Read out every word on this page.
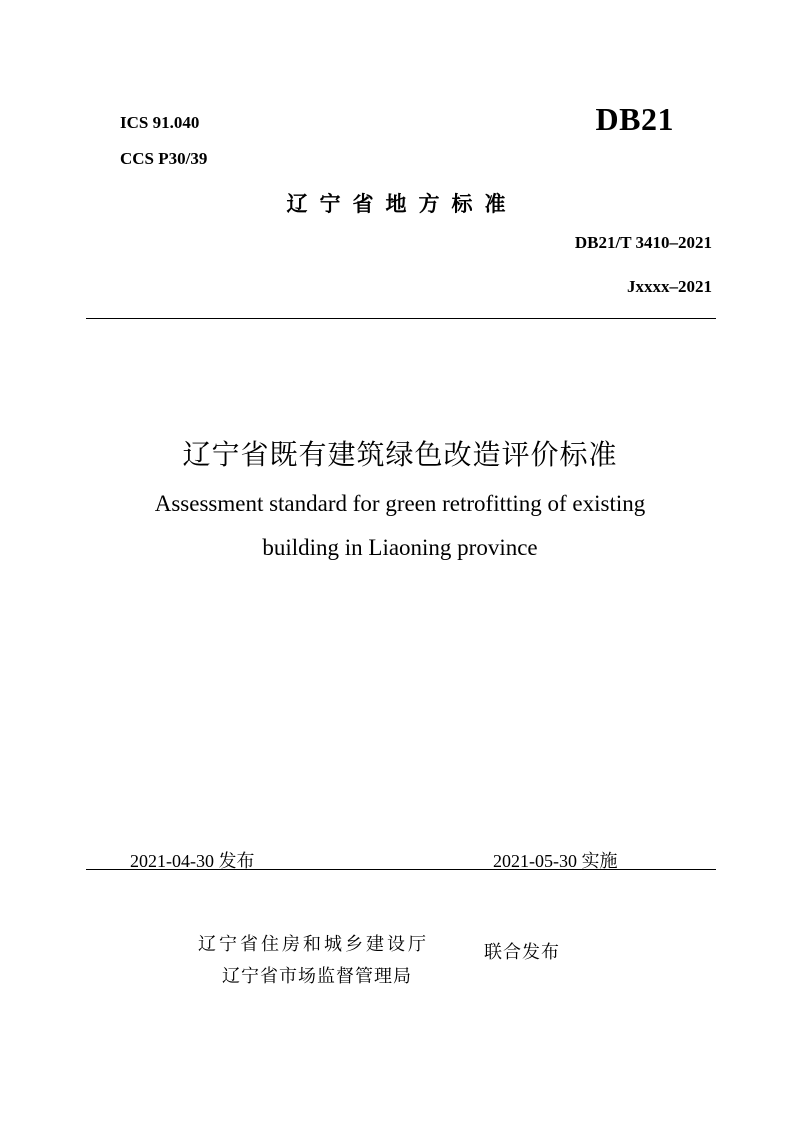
ICS 91.040
CCS P30/39
DB21
辽宁省地方标准
DB21/T 3410–2021
Jxxxx–2021
辽宁省既有建筑绿色改造评价标准
Assessment standard for green retrofitting of existing
building in Liaoning province
2021-04-30 发布	2021-05-30 实施
辽宁省住房和城乡建设厅
辽宁省市场监督管理局
联合发布
